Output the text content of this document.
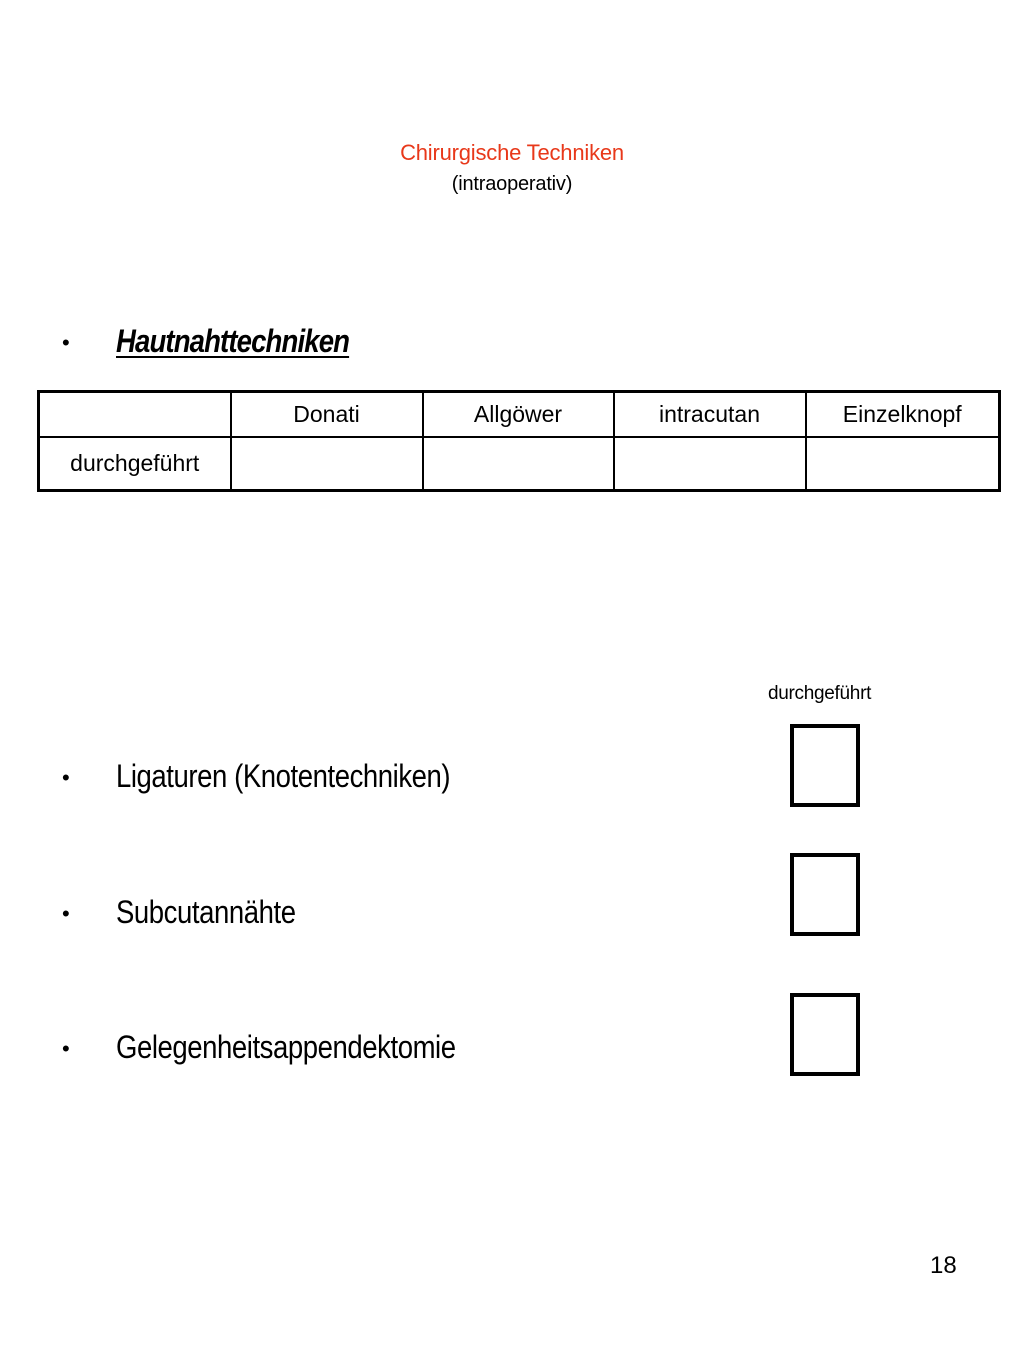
Chirurgische Techniken
(intraoperativ)
• Hautnahttechniken
	Donati	Allgöwer	intracutan	Einzelknopf
durchgeführt				
durchgeführt
• Ligaturen (Knotentechniken)
• Subcutannähte
• Gelegenheitsappendektomie
18
